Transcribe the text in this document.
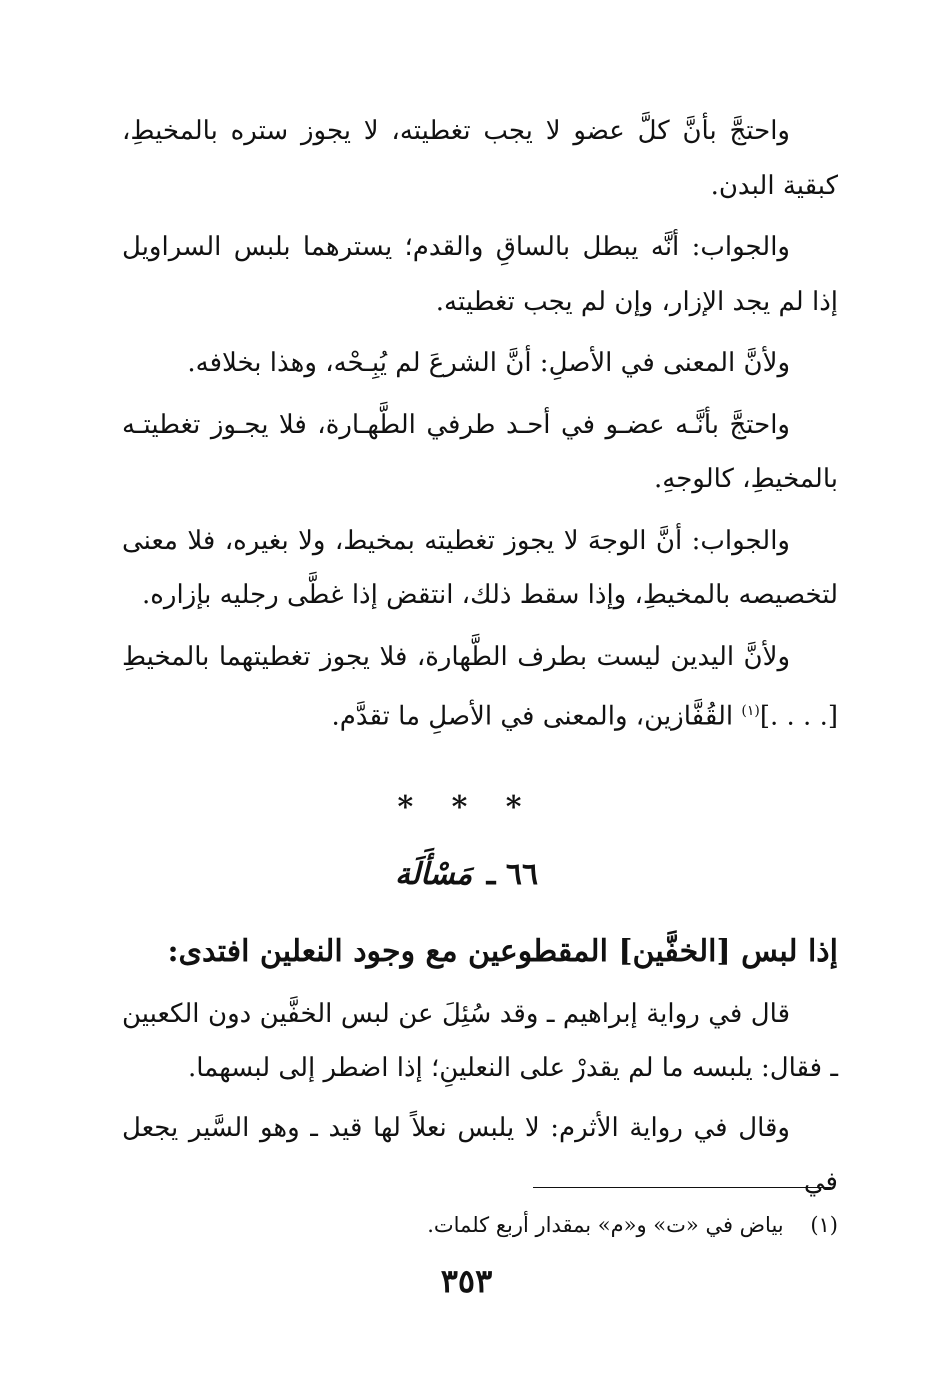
واحتجَّ بأنَّ كلَّ عضو لا يجب تغطيته، لا يجوز ستره بالمخيطِ، كبقية البدن.

والجواب: أنَّه يبطل بالساقِ والقدم؛ يسترهما بلبس السراويل إذا لم يجد الإزار، وإن لم يجب تغطيته.

ولأنَّ المعنى في الأصلِ: أنَّ الشرعَ لم يُبِـحْه، وهذا بخلافه.

واحتجَّ بأنَّـه عضـو في أحـد طرفي الطَّهـارة، فلا يجـوز تغطيتـه بالمخيطِ، كالوجهِ.

والجواب: أنَّ الوجهَ لا يجوز تغطيته بمخيط، ولا بغيره، فلا معنى لتخصيصه بالمخيطِ، وإذا سقط ذلك، انتقض إذا غطَّى رجليه بإزاره.

ولأنَّ اليدين ليست بطرف الطَّهارة، فلا يجوز تغطيتهما بالمخيطِ [. . . .]$^{(١)}$ القُفَّازين، والمعنى في الأصلِ ما تقدَّم.

* * *
٦٦ ـ مَسْأَلَة
إذا لبس [الخفَّين] المقطوعين مع وجود النعلين افتدى:

قال في رواية إبراهيم ـ وقد سُئِلَ عن لبس الخفَّين دون الكعبين ـ فقال: يلبسه ما لم يقدرْ على النعلينِ؛ إذا اضطر إلى لبسهما.

وقال في رواية الأثرم: لا يلبس نعلاً لها قيد ـ وهو السَّير يجعل في

(١) بياض في «ت» و«م» بمقدار أربع كلمات.
٣٥٣
